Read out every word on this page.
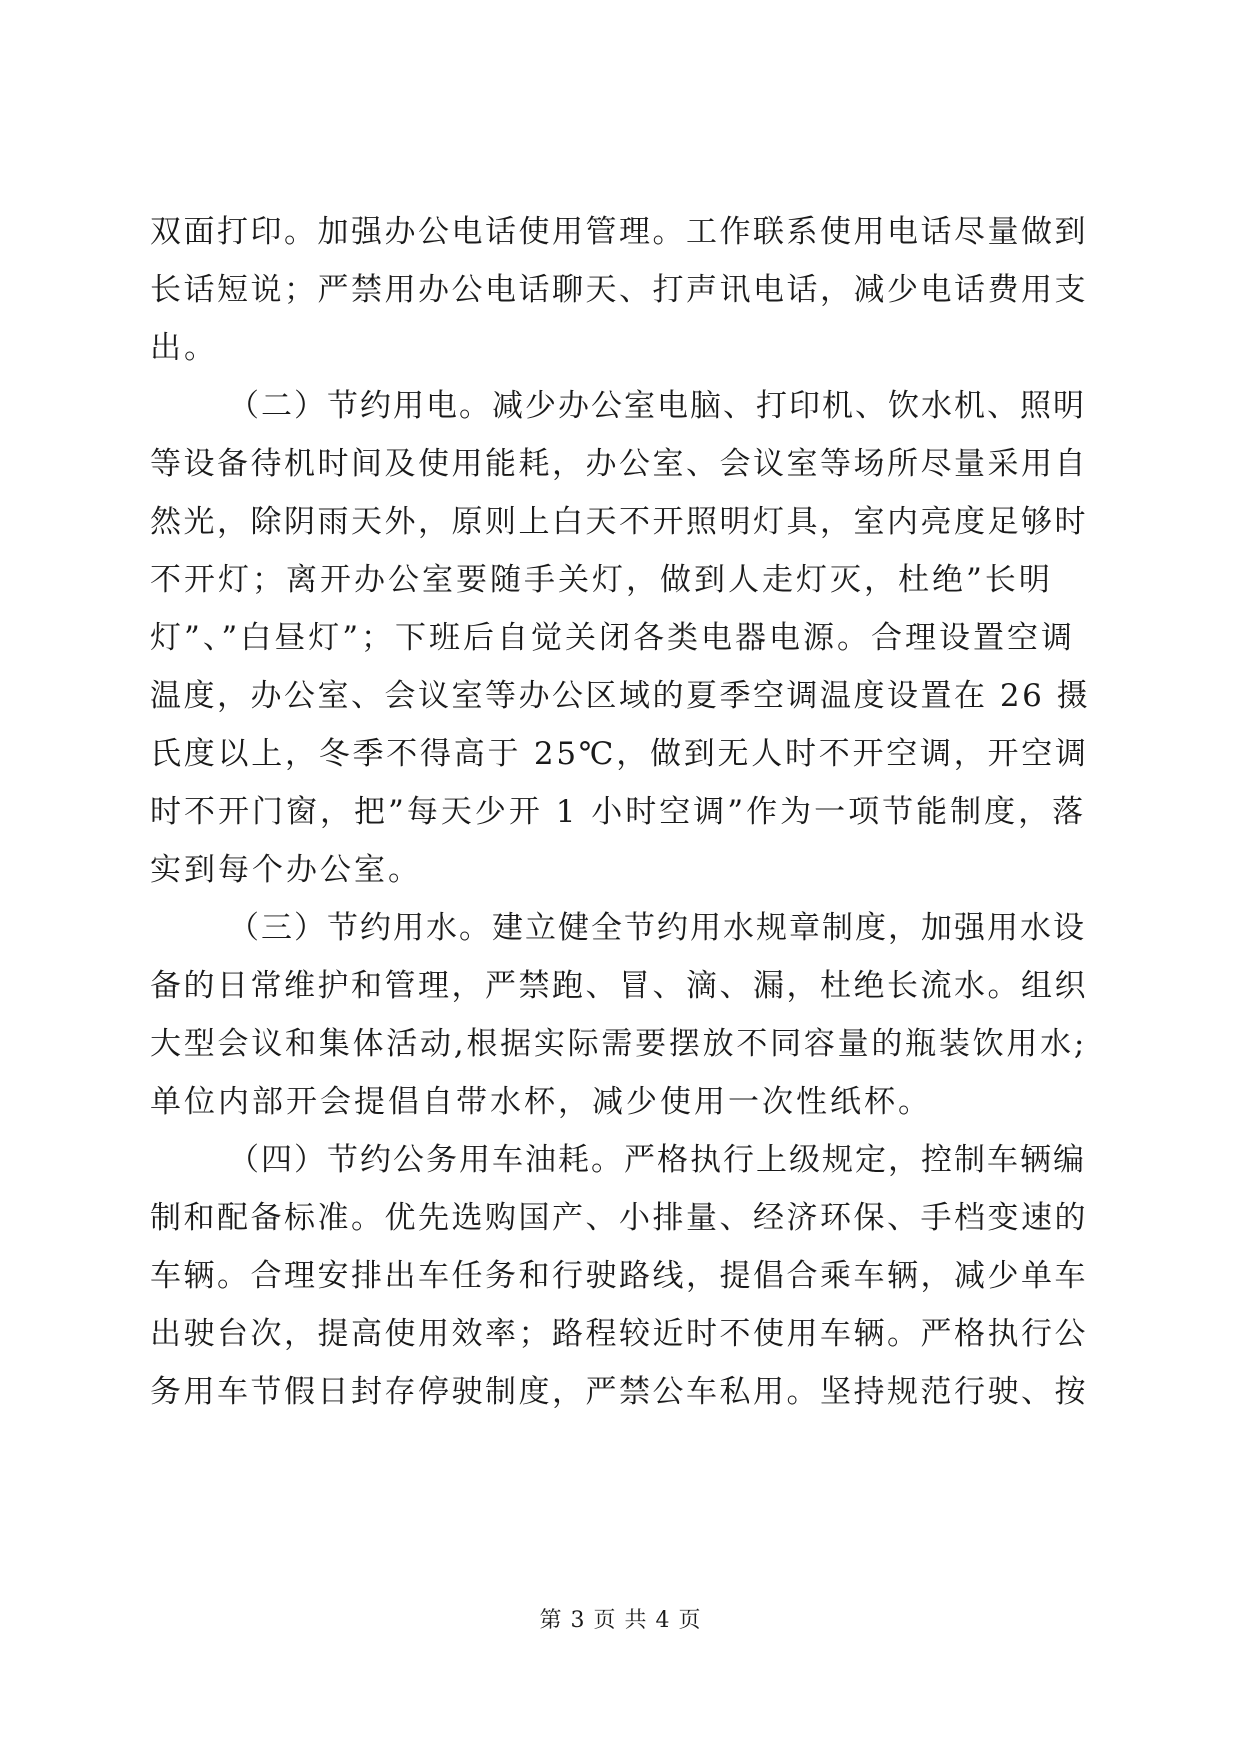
双面打印。加强办公电话使用管理。工作联系使用电话尽量做到
长话短说；严禁用办公电话聊天、打声讯电话，减少电话费用支
出。
（二）节约用电。减少办公室电脑、打印机、饮水机、照明
等设备待机时间及使用能耗，办公室、会议室等场所尽量采用自
然光，除阴雨天外，原则上白天不开照明灯具，室内亮度足够时
不开灯；离开办公室要随手关灯，做到人走灯灭，杜绝”长明
灯”、”白昼灯”；下班后自觉关闭各类电器电源。合理设置空调
温度，办公室、会议室等办公区域的夏季空调温度设置在 26 摄
氏度以上，冬季不得高于 25℃，做到无人时不开空调，开空调
时不开门窗，把”每天少开 1 小时空调”作为一项节能制度，落
实到每个办公室。
（三）节约用水。建立健全节约用水规章制度，加强用水设
备的日常维护和管理，严禁跑、冒、滴、漏，杜绝长流水。组织
大型会议和集体活动,根据实际需要摆放不同容量的瓶装饮用水;
单位内部开会提倡自带水杯，减少使用一次性纸杯。
（四）节约公务用车油耗。严格执行上级规定，控制车辆编
制和配备标准。优先选购国产、小排量、经济环保、手档变速的
车辆。合理安排出车任务和行驶路线，提倡合乘车辆，减少单车
出驶台次，提高使用效率；路程较近时不使用车辆。严格执行公
务用车节假日封存停驶制度，严禁公车私用。坚持规范行驶、按
第 3 页 共 4 页
